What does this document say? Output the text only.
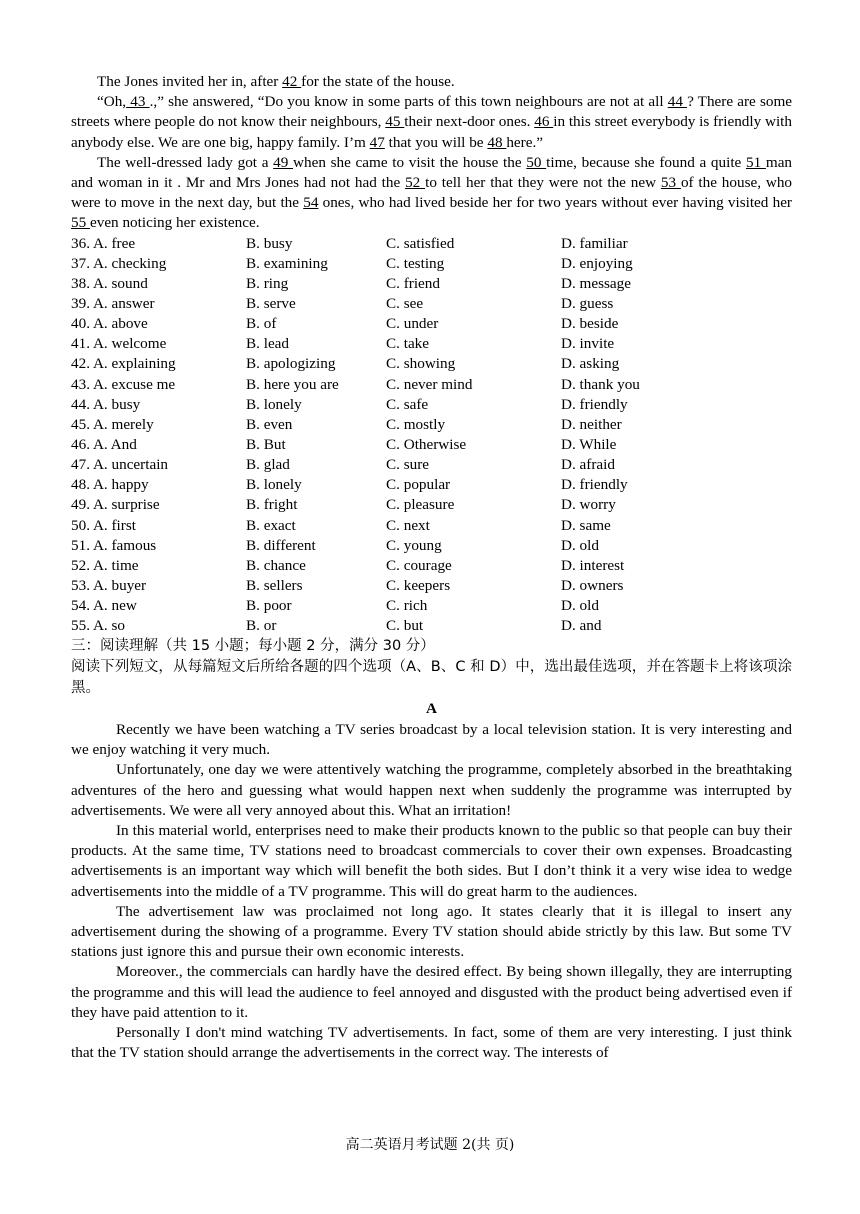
The Jones invited her in, after 42 for the state of the house.

“Oh, 43 .,” she answered, “Do you know in some parts of this town neighbours are not at all 44 ? There are some streets where people do not know their neighbours, 45 their next-door ones. 46 in this street everybody is friendly with anybody else. We are one big, happy family. I’m 47 that you will be 48 here.”

The well-dressed lady got a 49 when she came to visit the house the 50 time, because she found a quite 51 man and woman in it . Mr and Mrs Jones had not had the 52 to tell her that they were not the new 53 of the house, who were to move in the next day, but the 54 ones, who had lived beside her for two years without ever having visited her 55 even noticing her existence.

36. A. free	B. busy	C. satisfied	D. familiar
37. A. checking	B. examining	C. testing	D. enjoying
38. A. sound	B. ring	C. friend	D. message
39. A. answer	B. serve	C. see	D. guess
40. A. above	B. of	C. under	D. beside
41. A. welcome	B. lead	C. take	D. invite
42. A. explaining	B. apologizing	C. showing	D. asking
43. A. excuse me	B. here you are	C. never mind	D. thank you
44. A. busy	B. lonely	C. safe	D. friendly
45. A. merely	B. even	C. mostly	D. neither
46. A. And	B. But	C. Otherwise	D. While
47. A. uncertain	B. glad	C. sure	D. afraid
48. A. happy	B. lonely	C. popular	D. friendly
49. A. surprise	B. fright	C. pleasure	D. worry
50. A. first	B. exact	C. next	D. same
51. A. famous	B. different	C. young	D. old
52. A. time	B. chance	C. courage	D. interest
53. A. buyer	B. sellers	C. keepers	D. owners
54. A. new	B. poor	C. rich	D. old
55. A. so	B. or	C. but	D. and

三：阅读理解（共 15 小题；每小题 2 分，满分 30 分）

阅读下列短文，从每篇短文后所给各题的四个选项（A、B、C 和 D）中，选出最佳选项，并在答题卡上将该项涂黑。

A

Recently we have been watching a TV series broadcast by a local television station. It is very interesting and we enjoy watching it very much.

Unfortunately, one day we were attentively watching the programme, completely absorbed in the breathtaking adventures of the hero and guessing what would happen next when suddenly the programme was interrupted by advertisements. We were all very annoyed about this. What an irritation!

In this material world, enterprises need to make their products known to the public so that people can buy their products. At the same time, TV stations need to broadcast commercials to cover their own expenses. Broadcasting advertisements is an important way which will benefit the both sides. But I don’t think it a very wise idea to wedge advertisements into the middle of a TV programme. This will do great harm to the audiences.

The advertisement law was proclaimed not long ago. It states clearly that it is illegal to insert any advertisement during the showing of a programme. Every TV station should abide strictly by this law. But some TV stations just ignore this and pursue their own economic interests.

Moreover., the commercials can hardly have the desired effect. By being shown illegally, they are interrupting the programme and this will lead the audience to feel annoyed and disgusted with the product being advertised even if they have paid attention to it.

Personally I don't mind watching TV advertisements. In fact, some of them are very interesting. I just think that the TV station should arrange the advertisements in the correct way. The interests of

高二英语月考试题 2(共 页)
